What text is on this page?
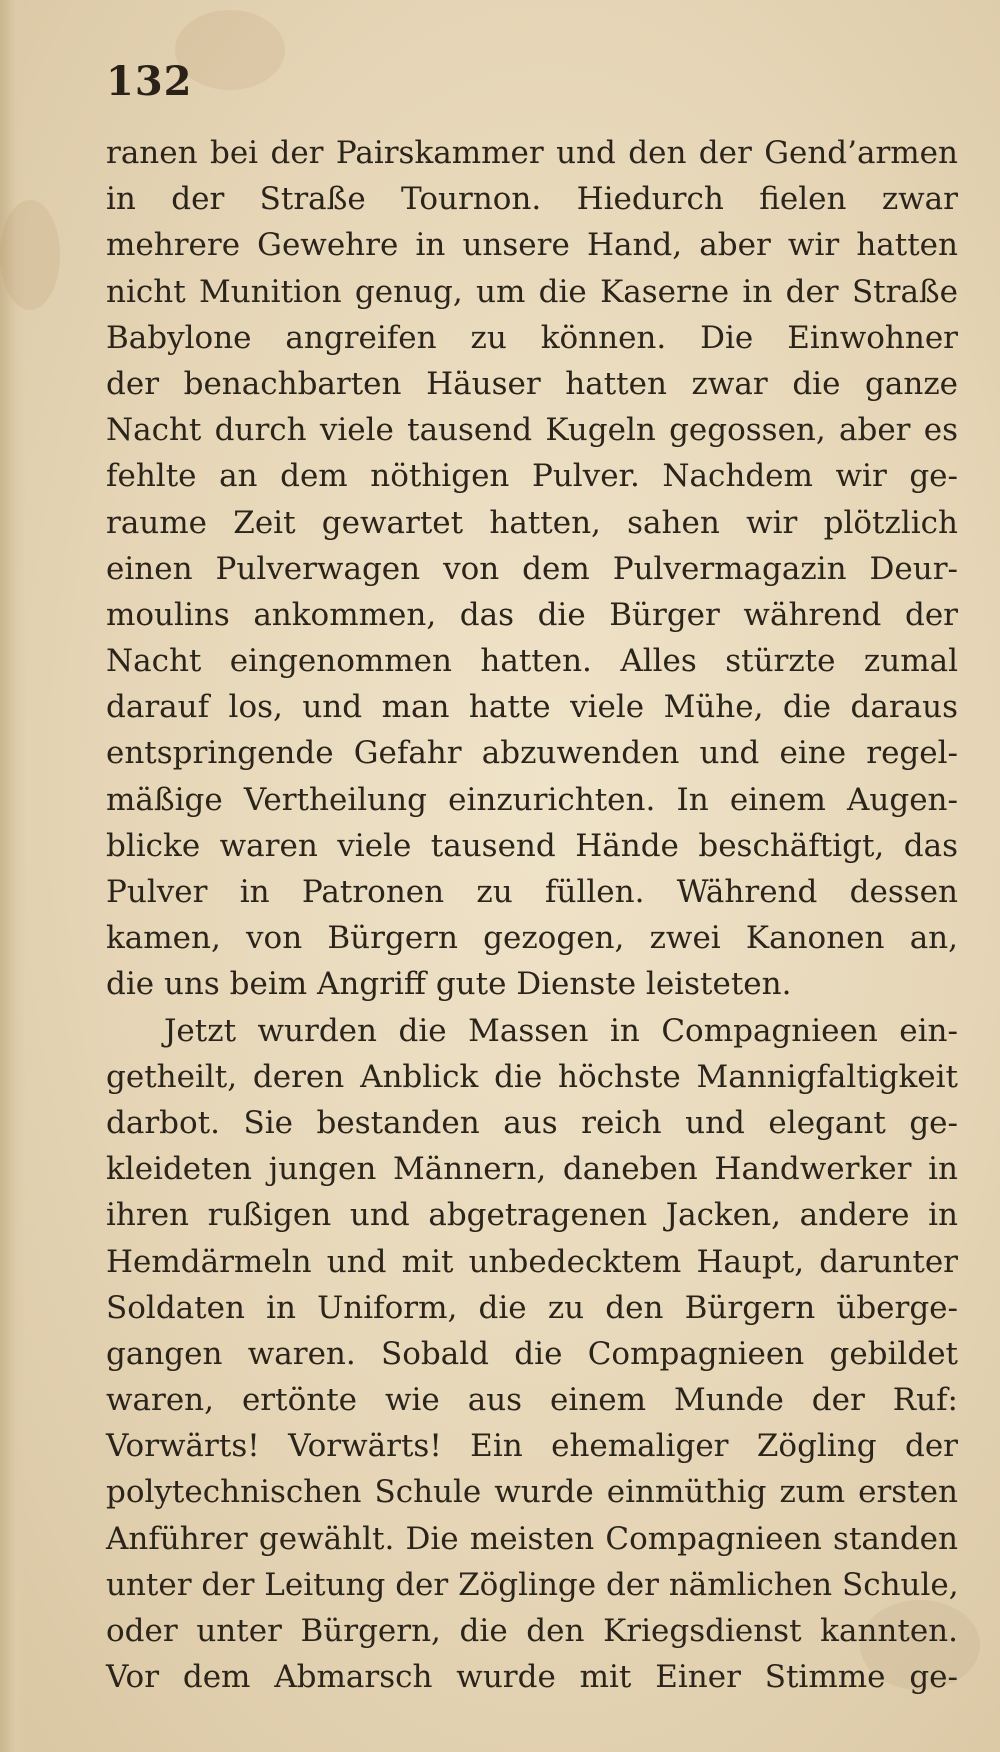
132
ranen bei der Pairskammer und den der Gend’armen
in der Straße Tournon. Hiedurch fielen zwar
mehrere Gewehre in unsere Hand, aber wir hatten
nicht Munition genug, um die Kaserne in der Straße
Babylone angreifen zu können. Die Einwohner
der benachbarten Häuser hatten zwar die ganze
Nacht durch viele tausend Kugeln gegossen, aber es
fehlte an dem nöthigen Pulver. Nachdem wir ge-
raume Zeit gewartet hatten, sahen wir plötzlich
einen Pulverwagen von dem Pulvermagazin Deur-
moulins ankommen, das die Bürger während der
Nacht eingenommen hatten. Alles stürzte zumal
darauf los, und man hatte viele Mühe, die daraus
entspringende Gefahr abzuwenden und eine regel-
mäßige Vertheilung einzurichten. In einem Augen-
blicke waren viele tausend Hände beschäftigt, das
Pulver in Patronen zu füllen. Während dessen
kamen, von Bürgern gezogen, zwei Kanonen an,
die uns beim Angriff gute Dienste leisteten.
Jetzt wurden die Massen in Compagnieen ein-
getheilt, deren Anblick die höchste Mannigfaltigkeit
darbot. Sie bestanden aus reich und elegant ge-
kleideten jungen Männern, daneben Handwerker in
ihren rußigen und abgetragenen Jacken, andere in
Hemdärmeln und mit unbedecktem Haupt, darunter
Soldaten in Uniform, die zu den Bürgern überge-
gangen waren. Sobald die Compagnieen gebildet
waren, ertönte wie aus einem Munde der Ruf:
Vorwärts! Vorwärts! Ein ehemaliger Zögling der
polytechnischen Schule wurde einmüthig zum ersten
Anführer gewählt. Die meisten Compagnieen standen
unter der Leitung der Zöglinge der nämlichen Schule,
oder unter Bürgern, die den Kriegsdienst kannten.
Vor dem Abmarsch wurde mit Einer Stimme ge-
